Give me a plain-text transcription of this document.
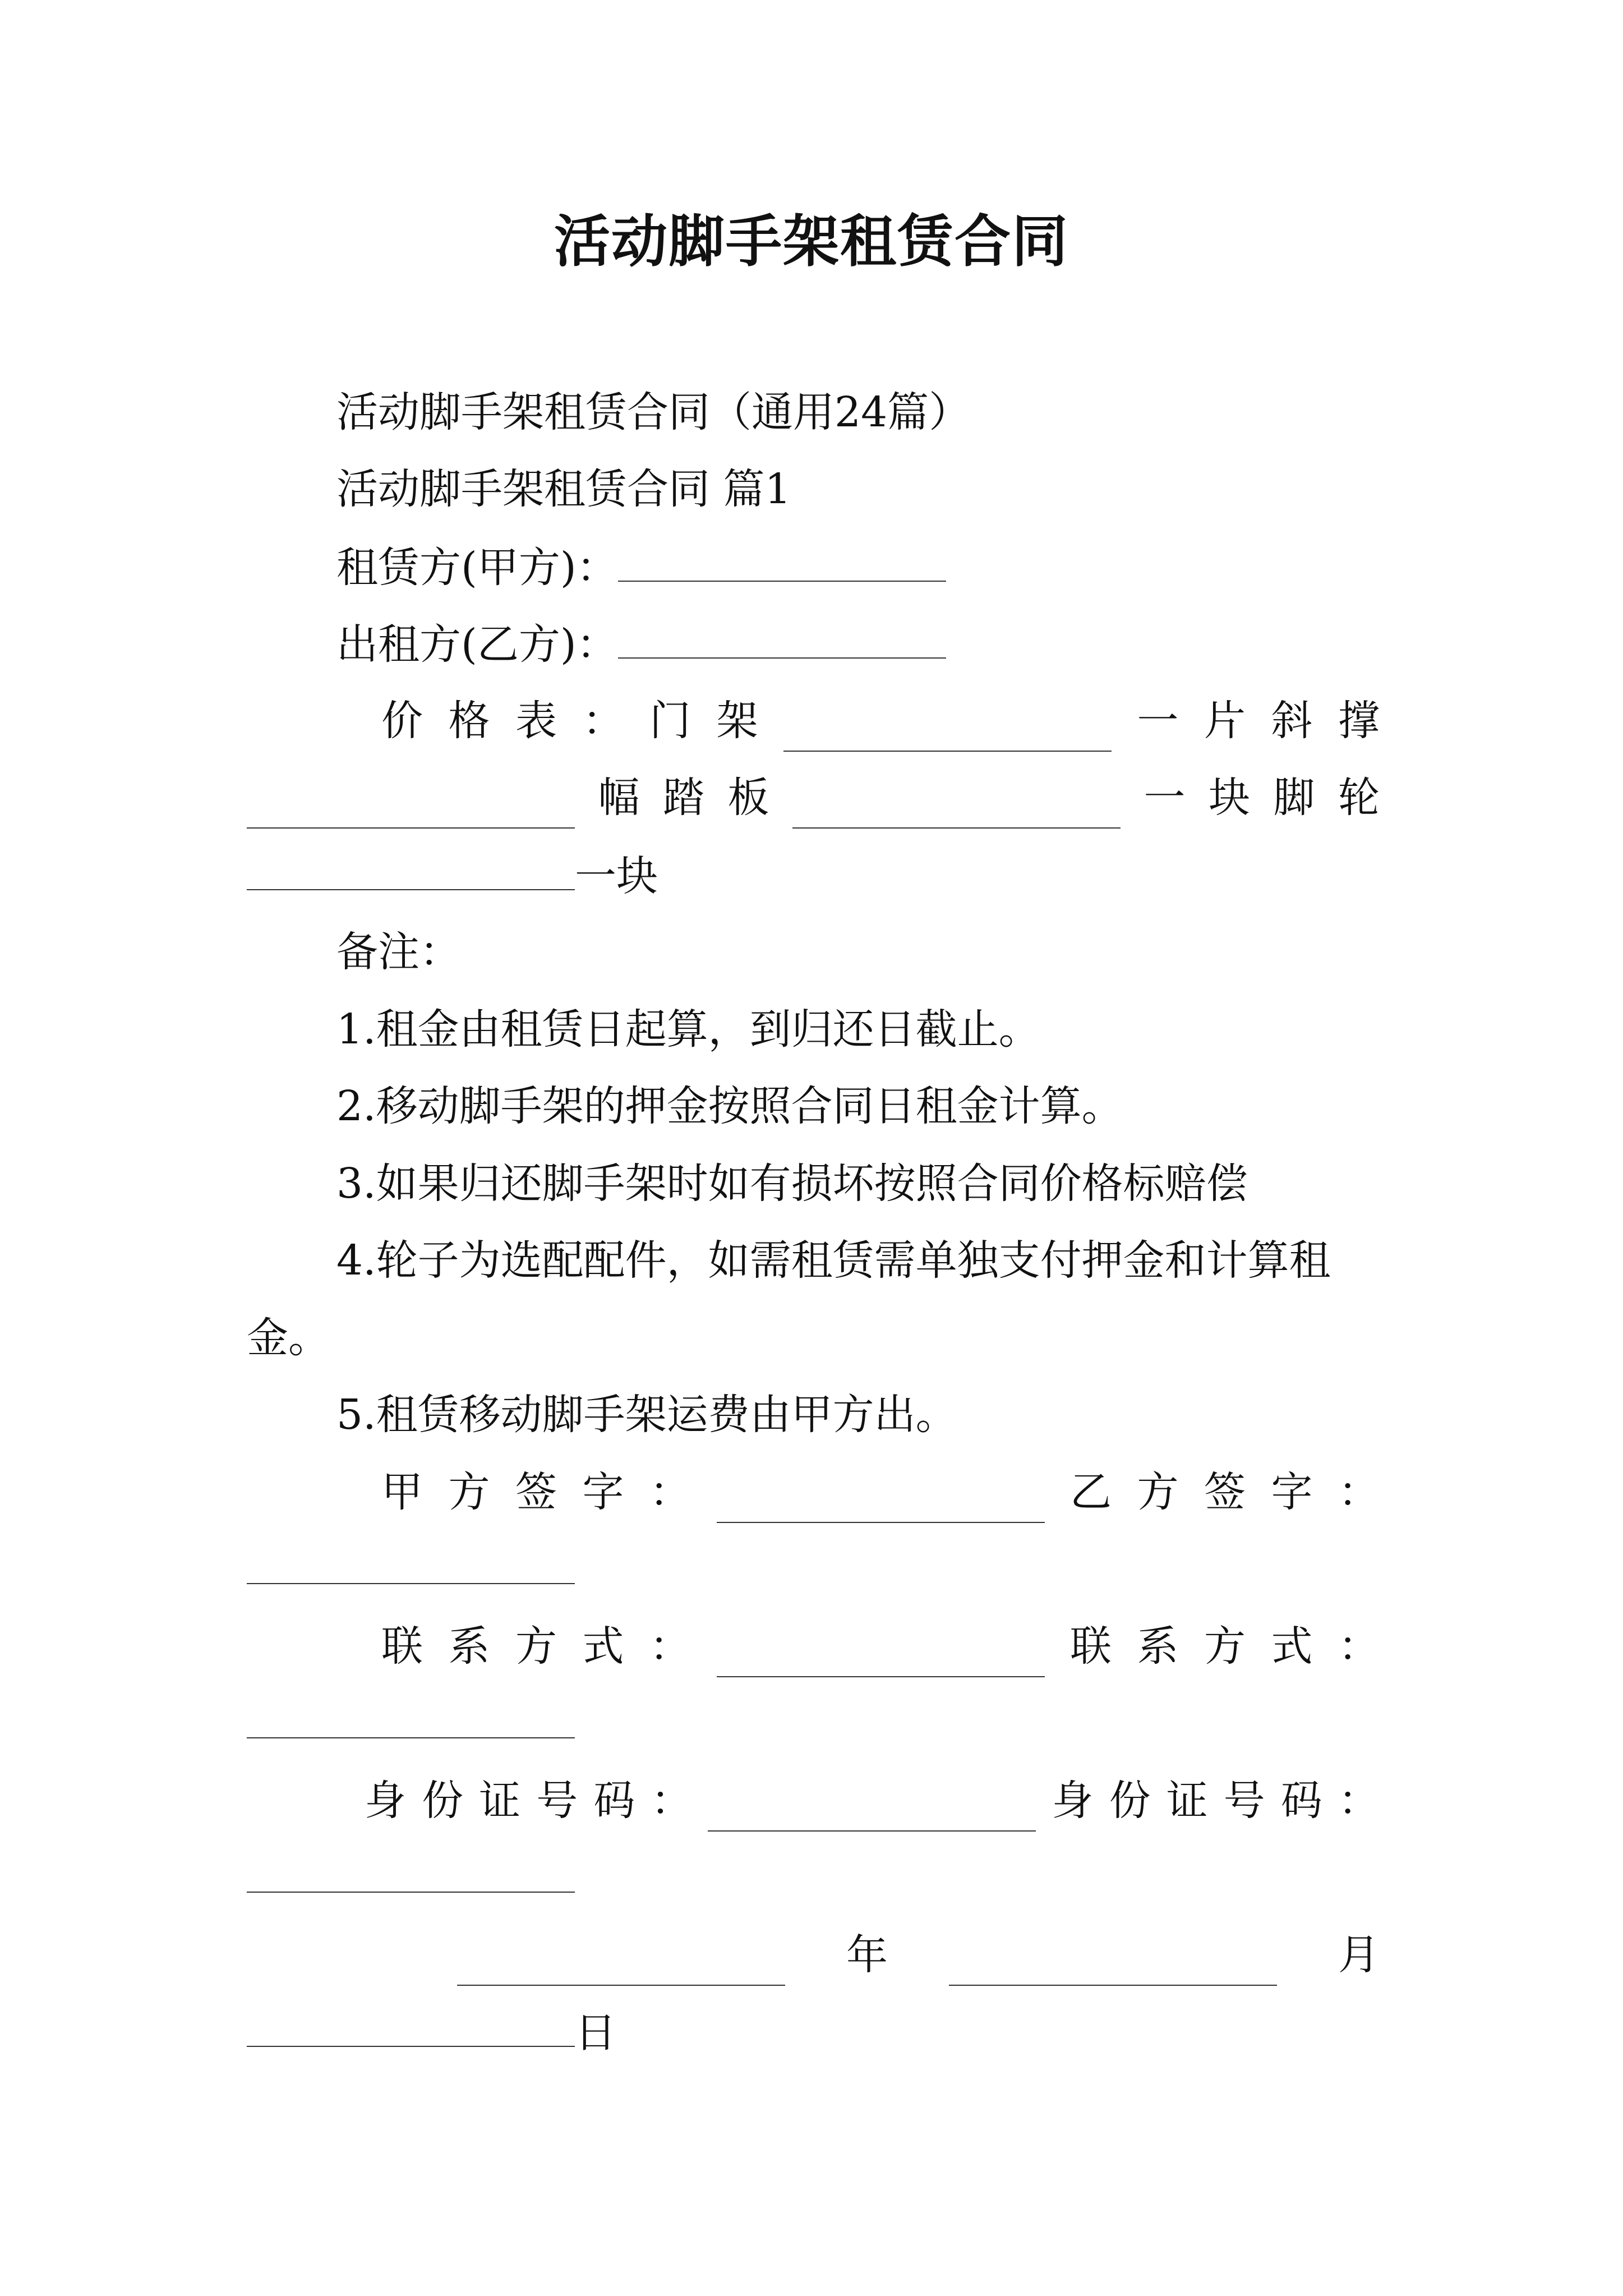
活动脚手架租赁合同
活动脚手架租赁合同（通用24篇）
活动脚手架租赁合同 篇1
租赁方(甲方)：
出租方(乙方)：
价 格 表 ： 门 架	一 片 斜 撑
幅 踏 板	一 块 脚 轮
一块
备注：
1.租金由租赁日起算，到归还日截止。
2.移动脚手架的押金按照合同日租金计算。
3.如果归还脚手架时如有损坏按照合同价格标赔偿
4.轮子为选配配件，如需租赁需单独支付押金和计算租
金。
5.租赁移动脚手架运费由甲方出。
甲 方 签 字 ：	乙 方 签 字 ：
联 系 方 式 ：	联 系 方 式 ：
身 份 证 号 码 ：	身 份 证 号 码 ：
年	月
日
